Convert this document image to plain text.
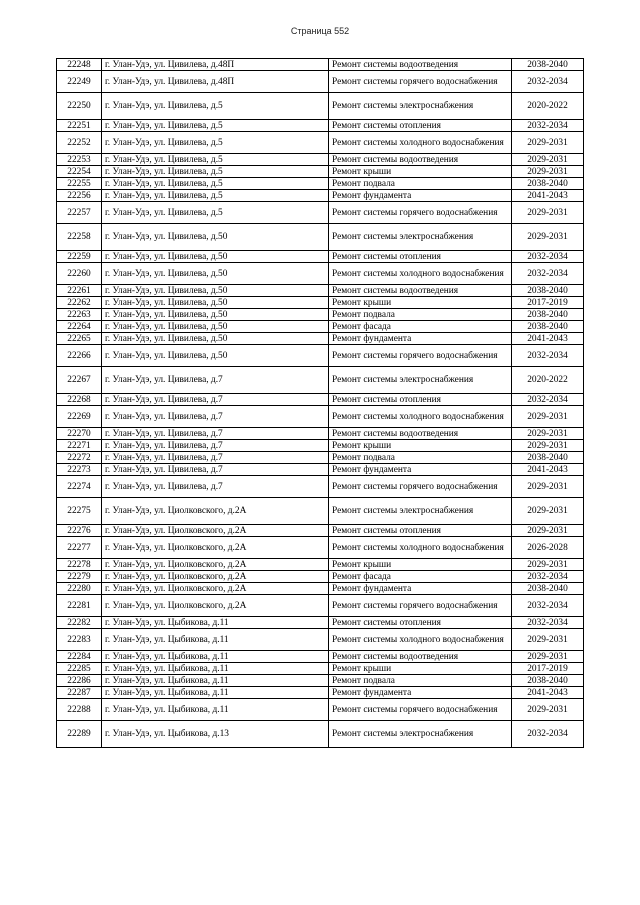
Страница 552
22248	г. Улан-Удэ, ул. Цивилева, д.48П	Ремонт системы водоотведения	2038-2040
22249	г. Улан-Удэ, ул. Цивилева, д.48П	Ремонт системы горячего водоснабжения	2032-2034
22250	г. Улан-Удэ, ул. Цивилева, д.5	Ремонт системы электроснабжения	2020-2022
22251	г. Улан-Удэ, ул. Цивилева, д.5	Ремонт системы отопления	2032-2034
22252	г. Улан-Удэ, ул. Цивилева, д.5	Ремонт системы холодного водоснабжения	2029-2031
22253	г. Улан-Удэ, ул. Цивилева, д.5	Ремонт системы водоотведения	2029-2031
22254	г. Улан-Удэ, ул. Цивилева, д.5	Ремонт крыши	2029-2031
22255	г. Улан-Удэ, ул. Цивилева, д.5	Ремонт подвала	2038-2040
22256	г. Улан-Удэ, ул. Цивилева, д.5	Ремонт фундамента	2041-2043
22257	г. Улан-Удэ, ул. Цивилева, д.5	Ремонт системы горячего водоснабжения	2029-2031
22258	г. Улан-Удэ, ул. Цивилева, д.50	Ремонт системы электроснабжения	2029-2031
22259	г. Улан-Удэ, ул. Цивилева, д.50	Ремонт системы отопления	2032-2034
22260	г. Улан-Удэ, ул. Цивилева, д.50	Ремонт системы холодного водоснабжения	2032-2034
22261	г. Улан-Удэ, ул. Цивилева, д.50	Ремонт системы водоотведения	2038-2040
22262	г. Улан-Удэ, ул. Цивилева, д.50	Ремонт крыши	2017-2019
22263	г. Улан-Удэ, ул. Цивилева, д.50	Ремонт подвала	2038-2040
22264	г. Улан-Удэ, ул. Цивилева, д.50	Ремонт фасада	2038-2040
22265	г. Улан-Удэ, ул. Цивилева, д.50	Ремонт фундамента	2041-2043
22266	г. Улан-Удэ, ул. Цивилева, д.50	Ремонт системы горячего водоснабжения	2032-2034
22267	г. Улан-Удэ, ул. Цивилева, д.7	Ремонт системы электроснабжения	2020-2022
22268	г. Улан-Удэ, ул. Цивилева, д.7	Ремонт системы отопления	2032-2034
22269	г. Улан-Удэ, ул. Цивилева, д.7	Ремонт системы холодного водоснабжения	2029-2031
22270	г. Улан-Удэ, ул. Цивилева, д.7	Ремонт системы водоотведения	2029-2031
22271	г. Улан-Удэ, ул. Цивилева, д.7	Ремонт крыши	2029-2031
22272	г. Улан-Удэ, ул. Цивилева, д.7	Ремонт подвала	2038-2040
22273	г. Улан-Удэ, ул. Цивилева, д.7	Ремонт фундамента	2041-2043
22274	г. Улан-Удэ, ул. Цивилева, д.7	Ремонт системы горячего водоснабжения	2029-2031
22275	г. Улан-Удэ, ул. Циолковского, д.2А	Ремонт системы электроснабжения	2029-2031
22276	г. Улан-Удэ, ул. Циолковского, д.2А	Ремонт системы отопления	2029-2031
22277	г. Улан-Удэ, ул. Циолковского, д.2А	Ремонт системы холодного водоснабжения	2026-2028
22278	г. Улан-Удэ, ул. Циолковского, д.2А	Ремонт крыши	2029-2031
22279	г. Улан-Удэ, ул. Циолковского, д.2А	Ремонт фасада	2032-2034
22280	г. Улан-Удэ, ул. Циолковского, д.2А	Ремонт фундамента	2038-2040
22281	г. Улан-Удэ, ул. Циолковского, д.2А	Ремонт системы горячего водоснабжения	2032-2034
22282	г. Улан-Удэ, ул. Цыбикова, д.11	Ремонт системы отопления	2032-2034
22283	г. Улан-Удэ, ул. Цыбикова, д.11	Ремонт системы холодного водоснабжения	2029-2031
22284	г. Улан-Удэ, ул. Цыбикова, д.11	Ремонт системы водоотведения	2029-2031
22285	г. Улан-Удэ, ул. Цыбикова, д.11	Ремонт крыши	2017-2019
22286	г. Улан-Удэ, ул. Цыбикова, д.11	Ремонт подвала	2038-2040
22287	г. Улан-Удэ, ул. Цыбикова, д.11	Ремонт фундамента	2041-2043
22288	г. Улан-Удэ, ул. Цыбикова, д.11	Ремонт системы горячего водоснабжения	2029-2031
22289	г. Улан-Удэ, ул. Цыбикова, д.13	Ремонт системы электроснабжения	2032-2034
